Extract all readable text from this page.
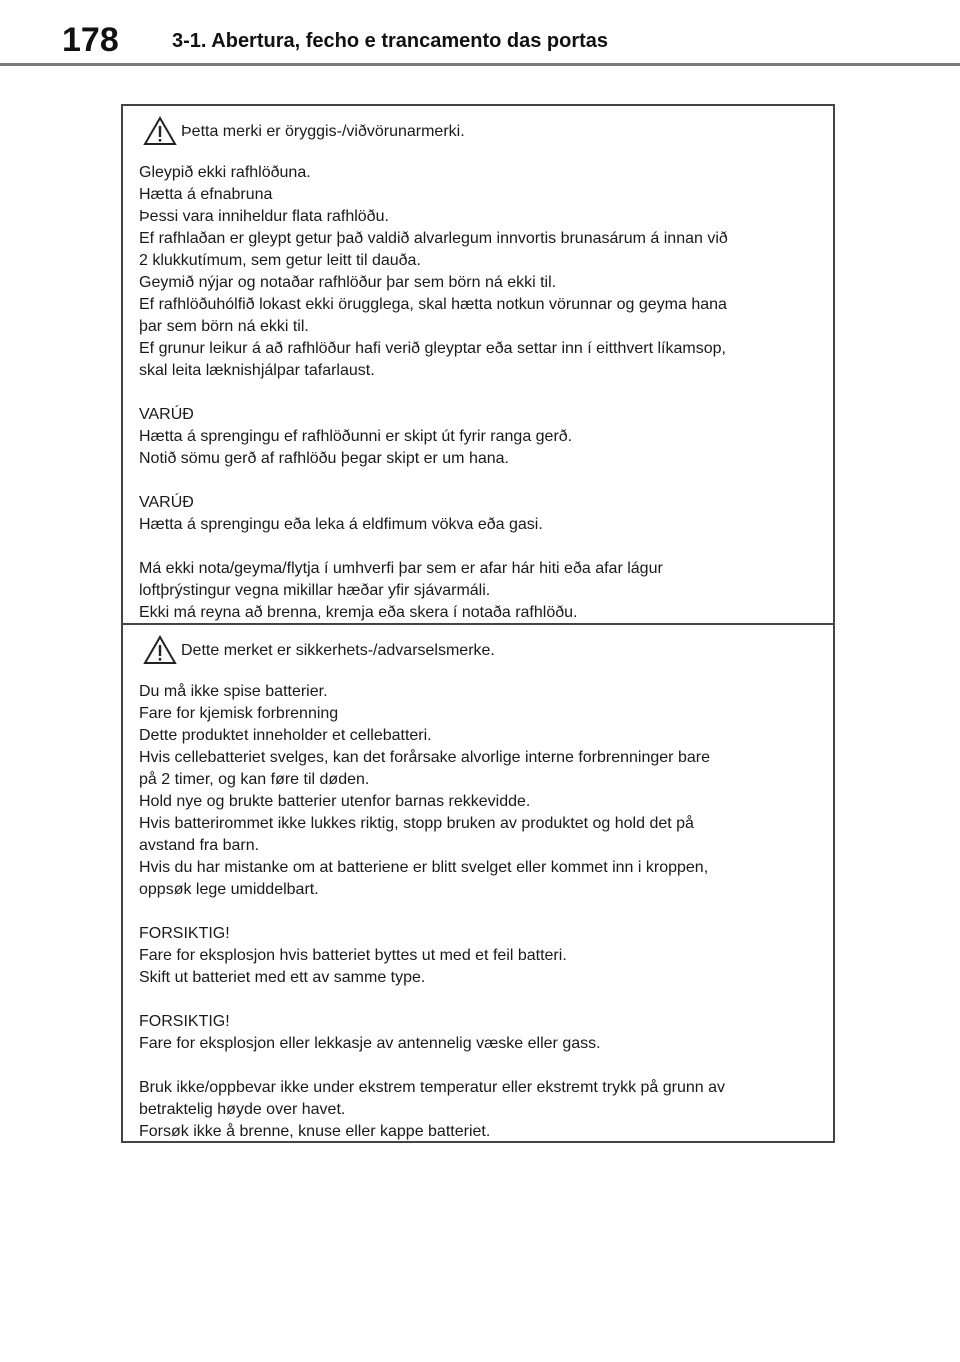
178	3-1. Abertura, fecho e trancamento das portas
Þetta merki er öryggis-/viðvörunarmerki.

Gleypið ekki rafhlöðuna.
Hætta á efnabruna
Þessi vara inniheldur flata rafhlöðu.
Ef rafhlaðan er gleypt getur það valdið alvarlegum innvortis brunasárum á innan við
2 klukkutímum, sem getur leitt til dauða.
Geymið nýjar og notaðar rafhlöður þar sem börn ná ekki til.
Ef rafhlöðuhólfið lokast ekki örugglega, skal hætta notkun vörunnar og geyma hana
þar sem börn ná ekki til.
Ef grunur leikur á að rafhlöður hafi verið gleyptar eða settar inn í eitthvert líkamsop,
skal leita læknishjálpar tafarlaust.

VARÚÐ
Hætta á sprengingu ef rafhlöðunni er skipt út fyrir ranga gerð.
Notið sömu gerð af rafhlöðu þegar skipt er um hana.

VARÚÐ
Hætta á sprengingu eða leka á eldfimum vökva eða gasi.

Má ekki nota/geyma/flytja í umhverfi þar sem er afar hár hiti eða afar lágur
loftþrýstingur vegna mikillar hæðar yfir sjávarmáli.
Ekki má reyna að brenna, kremja eða skera í notaða rafhlöðu.

Dette merket er sikkerhets-/advarselsmerke.

Du må ikke spise batterier.
Fare for kjemisk forbrenning
Dette produktet inneholder et cellebatteri.
Hvis cellebatteriet svelges, kan det forårsake alvorlige interne forbrenninger bare
på 2 timer, og kan føre til døden.
Hold nye og brukte batterier utenfor barnas rekkevidde.
Hvis batterirommet ikke lukkes riktig, stopp bruken av produktet og hold det på
avstand fra barn.
Hvis du har mistanke om at batteriene er blitt svelget eller kommet inn i kroppen,
oppsøk lege umiddelbart.

FORSIKTIG!
Fare for eksplosjon hvis batteriet byttes ut med et feil batteri.
Skift ut batteriet med ett av samme type.

FORSIKTIG!
Fare for eksplosjon eller lekkasje av antennelig væske eller gass.

Bruk ikke/oppbevar ikke under ekstrem temperatur eller ekstremt trykk på grunn av
betraktelig høyde over havet.
Forsøk ikke å brenne, knuse eller kappe batteriet.
